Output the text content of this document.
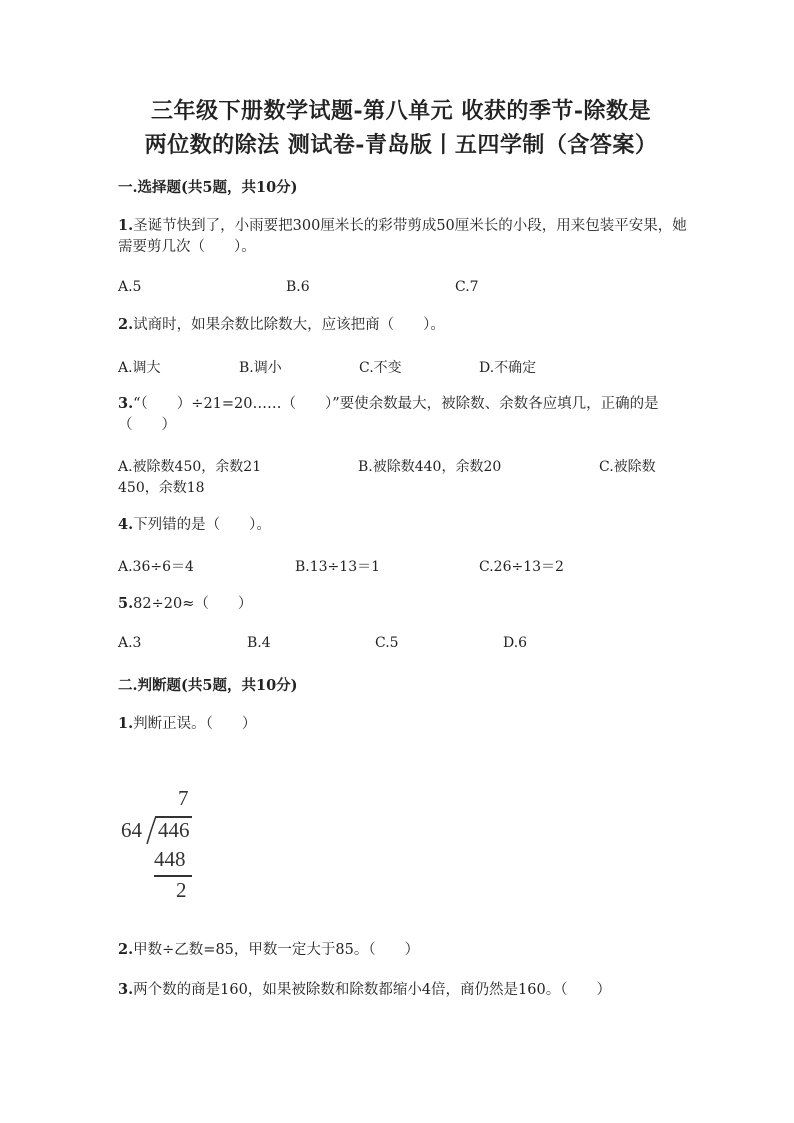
三年级下册数学试题-第八单元 收获的季节-除数是
两位数的除法 测试卷-青岛版丨五四学制（含答案）
一.选择题(共5题，共10分)
1.圣诞节快到了，小雨要把300厘米长的彩带剪成50厘米长的小段，用来包装平安果，她需要剪几次（　　）。
A.5	B.6	C.7
2.试商时，如果余数比除数大，应该把商（　　）。
A.调大	B.调小	C.不变	D.不确定
3.“（　　）÷21=20……（　　）”要使余数最大，被除数、余数各应填几，正确的是（　　）
A.被除数450，余数21	B.被除数440，余数20	C.被除数
450，余数18
4.下列错的是（　　）。
A.36÷6＝4	B.13÷13＝1	C.26÷13＝2
5.82÷20≈（　　）
A.3	B.4	C.5	D.6
二.判断题(共5题，共10分)
1.判断正误。（　　）
7
64 446
448
2
2.甲数÷乙数=85，甲数一定大于85。（　　）
3.两个数的商是160，如果被除数和除数都缩小4倍，商仍然是160。（　　）
